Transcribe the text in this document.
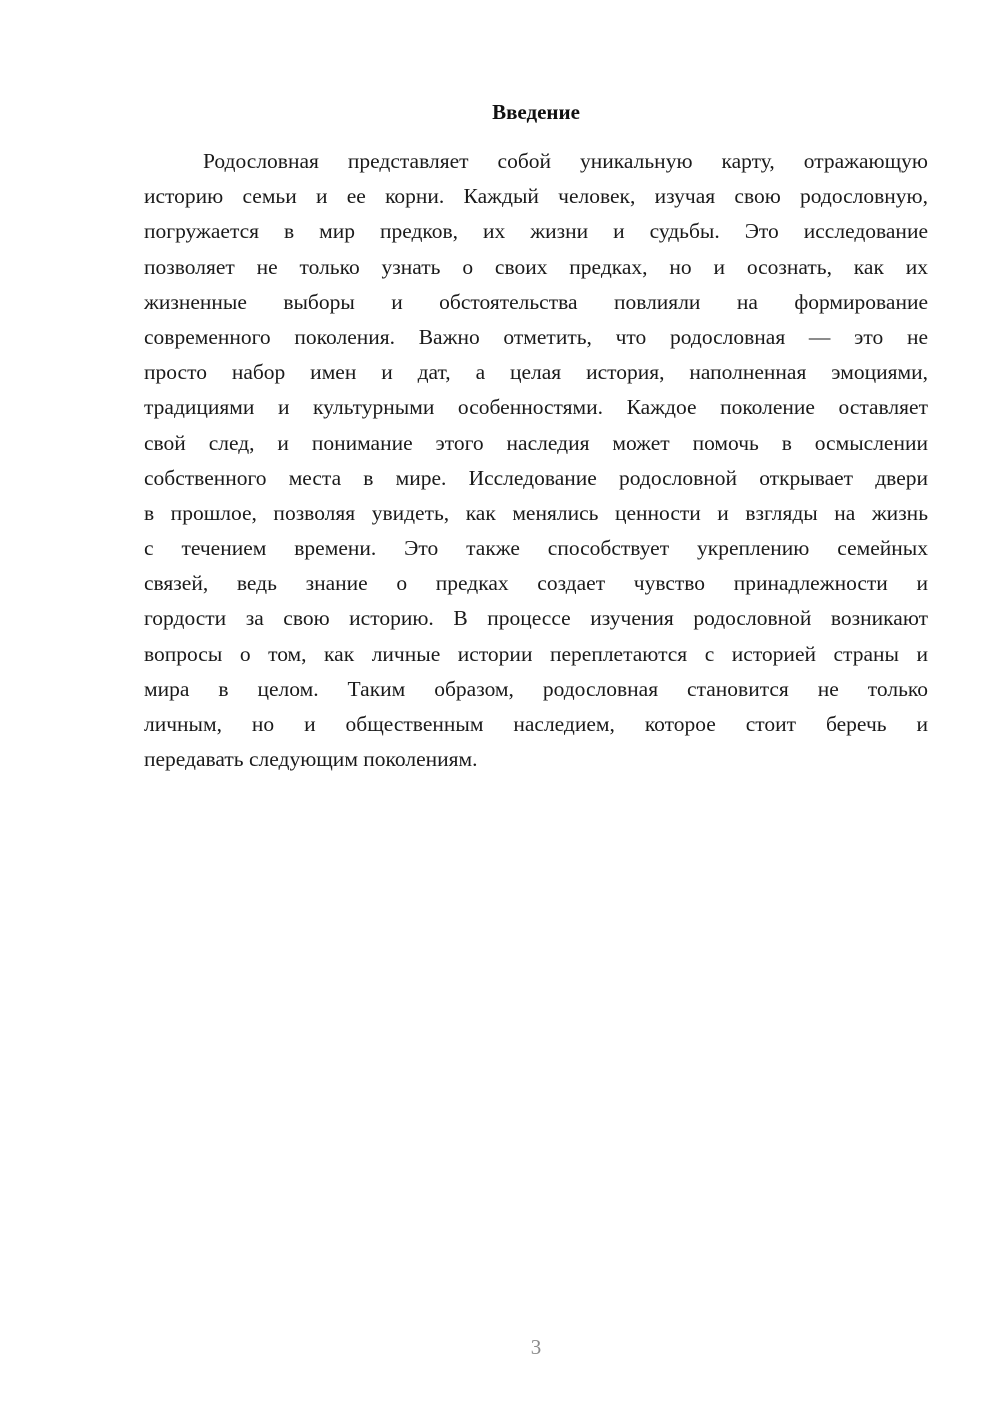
Введение
Родословная представляет собой уникальную карту, отражающую
историю семьи и ее корни. Каждый человек, изучая свою родословную,
погружается в мир предков, их жизни и судьбы. Это исследование
позволяет не только узнать о своих предках, но и осознать, как их
жизненные выборы и обстоятельства повлияли на формирование
современного поколения. Важно отметить, что родословная — это не
просто набор имен и дат, а целая история, наполненная эмоциями,
традициями и культурными особенностями. Каждое поколение оставляет
свой след, и понимание этого наследия может помочь в осмыслении
собственного места в мире. Исследование родословной открывает двери
в прошлое, позволяя увидеть, как менялись ценности и взгляды на жизнь
с течением времени. Это также способствует укреплению семейных
связей, ведь знание о предках создает чувство принадлежности и
гордости за свою историю. В процессе изучения родословной возникают
вопросы о том, как личные истории переплетаются с историей страны и
мира в целом. Таким образом, родословная становится не только
личным, но и общественным наследием, которое стоит беречь и
передавать следующим поколениям.
3
